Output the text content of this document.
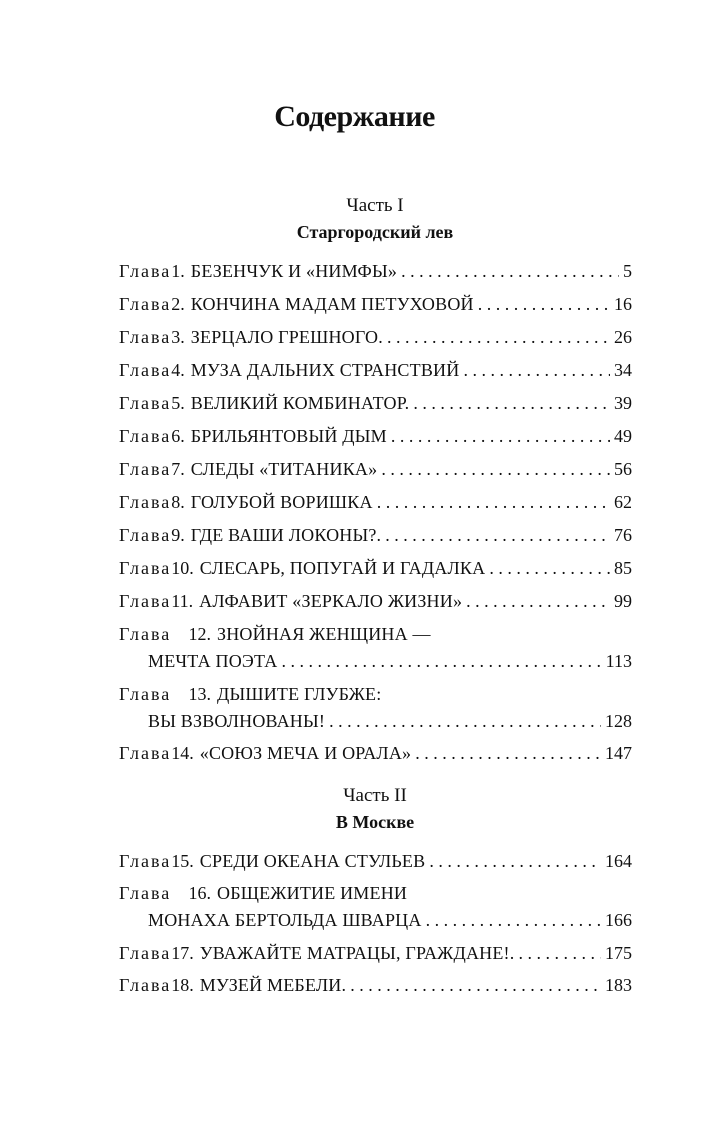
Содержание
Часть I
Старгородский лев
Глава 1. БЕЗЕНЧУК И «НИМФЫ» . . .	5
Глава 2. КОНЧИНА МАДАМ ПЕТУХОВОЙ . . .	16
Глава 3. ЗЕРЦАЛО ГРЕШНОГО. . . .	26
Глава 4. МУЗА ДАЛЬНИХ СТРАНСТВИЙ . . .	34
Глава 5. ВЕЛИКИЙ КОМБИНАТОР. . . .	39
Глава 6. БРИЛЬЯНТОВЫЙ ДЫМ . . .	49
Глава 7. СЛЕДЫ «ТИТАНИКА» . . .	56
Глава 8. ГОЛУБОЙ ВОРИШКА . . .	62
Глава 9. ГДЕ ВАШИ ЛОКОНЫ?. . . .	76
Глава 10. СЛЕСАРЬ, ПОПУГАЙ И ГАДАЛКА . . .	85
Глава 11. АЛФАВИТ «ЗЕРКАЛО ЖИЗНИ» . . .	99
Глава 12. ЗНОЙНАЯ ЖЕНЩИНА —
МЕЧТА ПОЭТА . . .	113
Глава 13. ДЫШИТЕ ГЛУБЖЕ:
ВЫ ВЗВОЛНОВАНЫ! . . .	128
Глава 14. «СОЮЗ МЕЧА И ОРАЛА» . . .	147
Часть II
В Москве
Глава 15. СРЕДИ ОКЕАНА СТУЛЬЕВ . . .	164
Глава 16. ОБЩЕЖИТИЕ ИМЕНИ
МОНАХА БЕРТОЛЬДА ШВАРЦА . . .	166
Глава 17. УВАЖАЙТЕ МАТРАЦЫ, ГРАЖДАНЕ!. . . .	175
Глава 18. МУЗЕЙ МЕБЕЛИ. . . .	183
